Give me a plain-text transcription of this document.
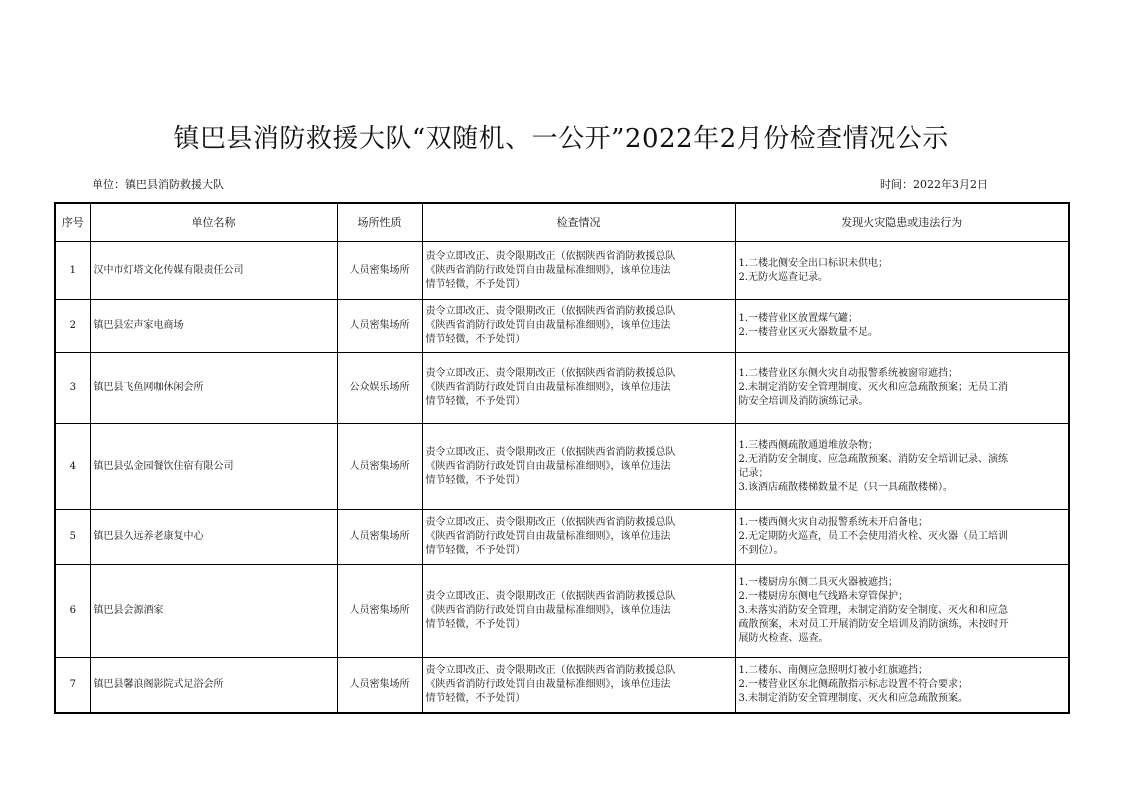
镇巴县消防救援大队“双随机、一公开”2022年2月份检查情况公示
单位：镇巴县消防救援大队	时间：2022年3月2日
序号	单位名称	场所性质	检查情况	发现火灾隐患或违法行为
1	汉中市灯塔文化传媒有限责任公司	人员密集场所	责令立即改正、责令限期改正（依据陕西省消防救援总队
《陕西省消防行政处罚自由裁量标准细则》，该单位违法
情节轻微，不予处罚）	1.二楼北侧安全出口标识未供电；
2.无防火巡查记录。

2	镇巴县宏声家电商场	人员密集场所	责令立即改正、责令限期改正（依据陕西省消防救援总队
《陕西省消防行政处罚自由裁量标准细则》，该单位违法
情节轻微，不予处罚）	1.一楼营业区放置煤气罐；
2.一楼营业区灭火器数量不足。

3	镇巴县飞鱼网咖休闲会所	公众娱乐场所	责令立即改正、责令限期改正（依据陕西省消防救援总队
《陕西省消防行政处罚自由裁量标准细则》，该单位违法
情节轻微，不予处罚）	1.二楼营业区东侧火灾自动报警系统被窗帘遮挡；
2.未制定消防安全管理制度、灭火和应急疏散预案；无员工消
防安全培训及消防演练记录。

4	镇巴县弘金园餐饮住宿有限公司	人员密集场所	责令立即改正、责令限期改正（依据陕西省消防救援总队
《陕西省消防行政处罚自由裁量标准细则》，该单位违法
情节轻微，不予处罚）	1.三楼西侧疏散通道堆放杂物；
2.无消防安全制度、应急疏散预案、消防安全培训记录、演练
记录；
3.该酒店疏散楼梯数量不足（只一具疏散楼梯）。

5	镇巴县久远养老康复中心	人员密集场所	责令立即改正、责令限期改正（依据陕西省消防救援总队
《陕西省消防行政处罚自由裁量标准细则》，该单位违法
情节轻微，不予处罚）	1.一楼西侧火灾自动报警系统未开启备电；
2.无定期防火巡查，员工不会使用消火栓、灭火器（员工培训
不到位）。

6	镇巴县会源酒家	人员密集场所	责令立即改正、责令限期改正（依据陕西省消防救援总队
《陕西省消防行政处罚自由裁量标准细则》，该单位违法
情节轻微，不予处罚）	1.一楼厨房东侧二具灭火器被遮挡；
2.一楼厨房东侧电气线路未穿管保护；
3.未落实消防安全管理，未制定消防安全制度、灭火和和应急
疏散预案，未对员工开展消防安全培训及消防演练，未按时开
展防火检查、巡查。

7	镇巴县馨浪阁影院式足浴会所	人员密集场所	责令立即改正、责令限期改正（依据陕西省消防救援总队
《陕西省消防行政处罚自由裁量标准细则》，该单位违法
情节轻微，不予处罚）	1.二楼东、南侧应急照明灯被小红旗遮挡；
2.一楼营业区东北侧疏散指示标志设置不符合要求；
3.未制定消防安全管理制度、灭火和应急疏散预案。
